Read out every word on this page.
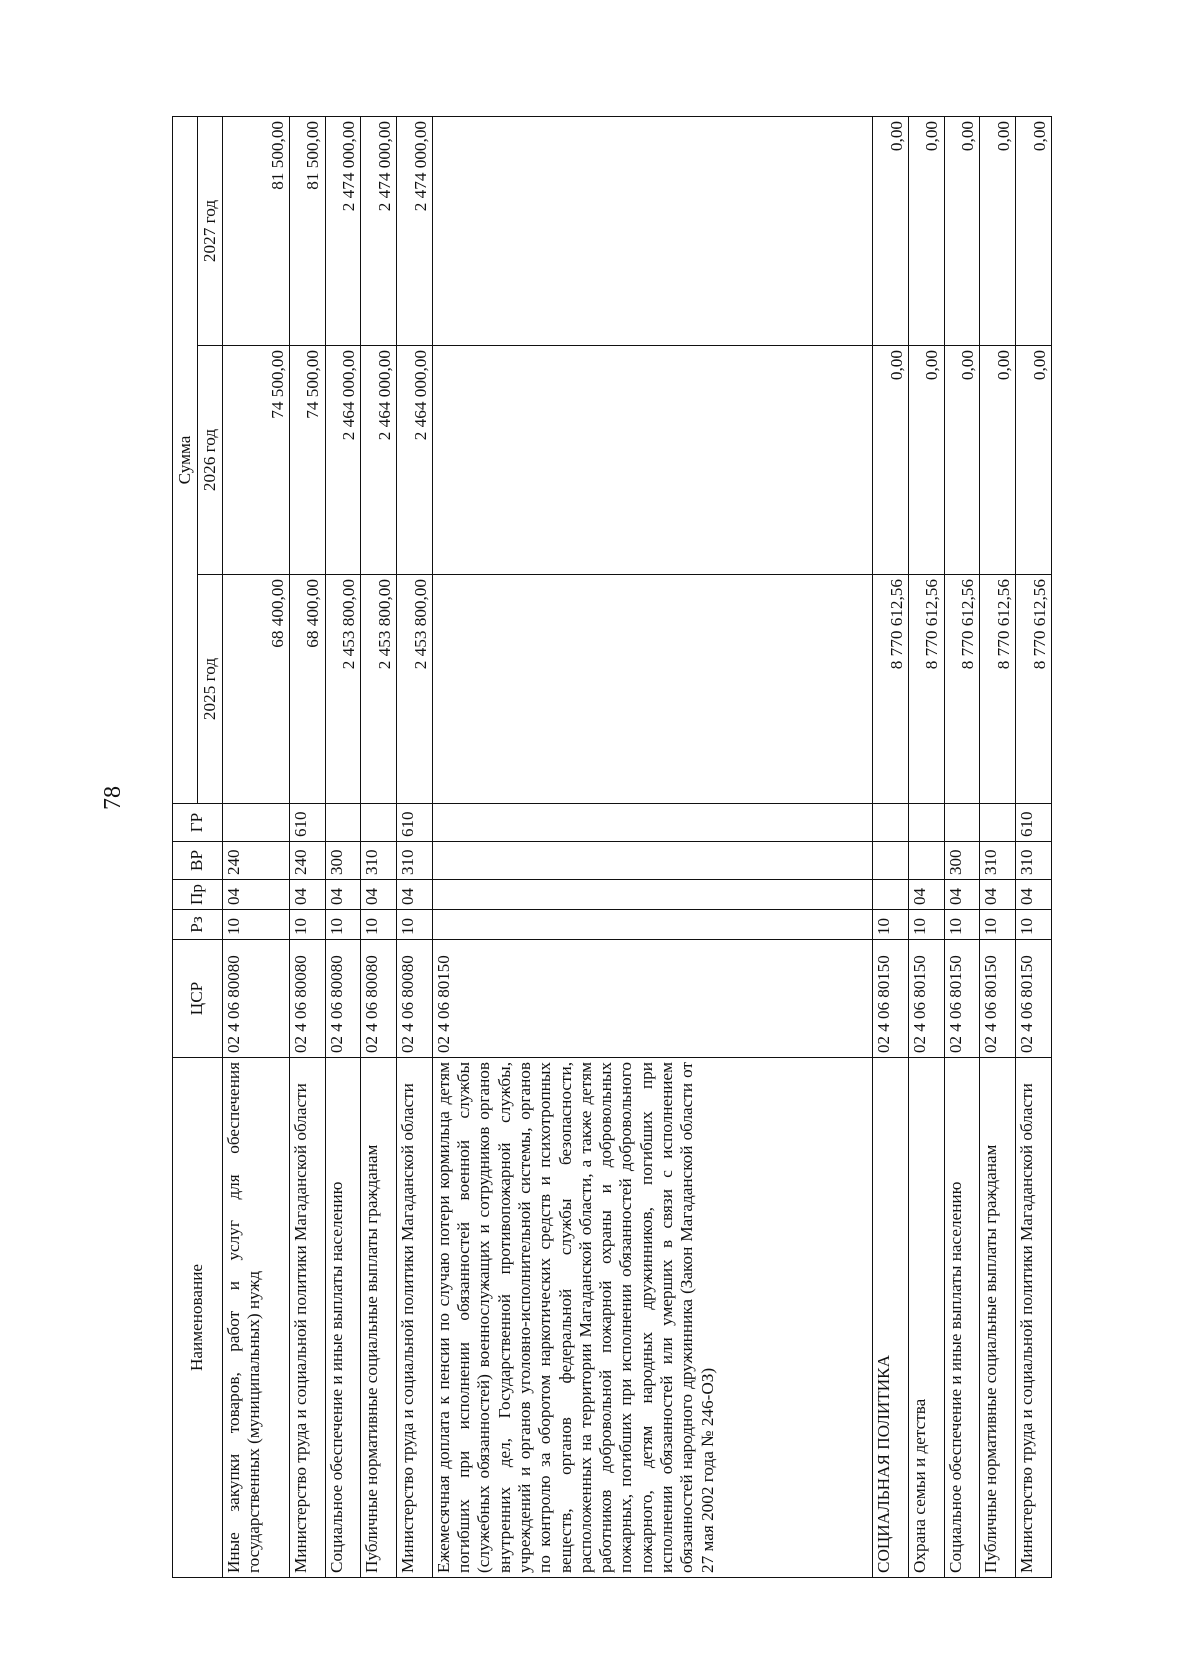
78
Наименование	ЦСР	Рз	Пр	ВР	ГР	Сумма		
						2025 год	2026 год	2027 год
Иные закупки товаров, работ и услуг для обеспечения государственных (муниципальных) нужд	02 4 06 80080	10	04	240		68 400,00	74 500,00	81 500,00
Министерство труда и социальной политики Магаданской области	02 4 06 80080	10	04	240	610	68 400,00	74 500,00	81 500,00
Социальное обеспечение и иные выплаты населению	02 4 06 80080	10	04	300		2 453 800,00	2 464 000,00	2 474 000,00
Публичные нормативные социальные выплаты гражданам	02 4 06 80080	10	04	310		2 453 800,00	2 464 000,00	2 474 000,00
Министерство труда и социальной политики Магаданской области	02 4 06 80080	10	04	310	610	2 453 800,00	2 464 000,00	2 474 000,00
Ежемесячная доплата к пенсии по случаю потери кормильца детям погибших при исполнении обязанностей военной службы (служебных обязанностей) военнослужащих и сотрудников органов внутренних дел, Государственной противопожарной службы, учреждений и органов уголовно-исполнительной системы, органов по контролю за оборотом наркотических средств и психотропных веществ, органов федеральной службы безопасности, расположенных на территории Магаданской области, а также детям работников добровольной пожарной охраны и добровольных пожарных, погибших при исполнении обязанностей добровольного пожарного, детям народных дружинников, погибших при исполнении обязанностей или умерших в связи с исполнением обязанностей народного дружинника (Закон Магаданской области от 27 мая 2002 года № 246-ОЗ)	02 4 06 80150							
СОЦИАЛЬНАЯ ПОЛИТИКА	02 4 06 80150	10				8 770 612,56	0,00	0,00
Охрана семьи и детства	02 4 06 80150	10	04			8 770 612,56	0,00	0,00
Социальное обеспечение и иные выплаты населению	02 4 06 80150	10	04	300		8 770 612,56	0,00	0,00
Публичные нормативные социальные выплаты гражданам	02 4 06 80150	10	04	310		8 770 612,56	0,00	0,00
Министерство труда и социальной политики Магаданской области	02 4 06 80150	10	04	310	610	8 770 612,56	0,00	0,00
